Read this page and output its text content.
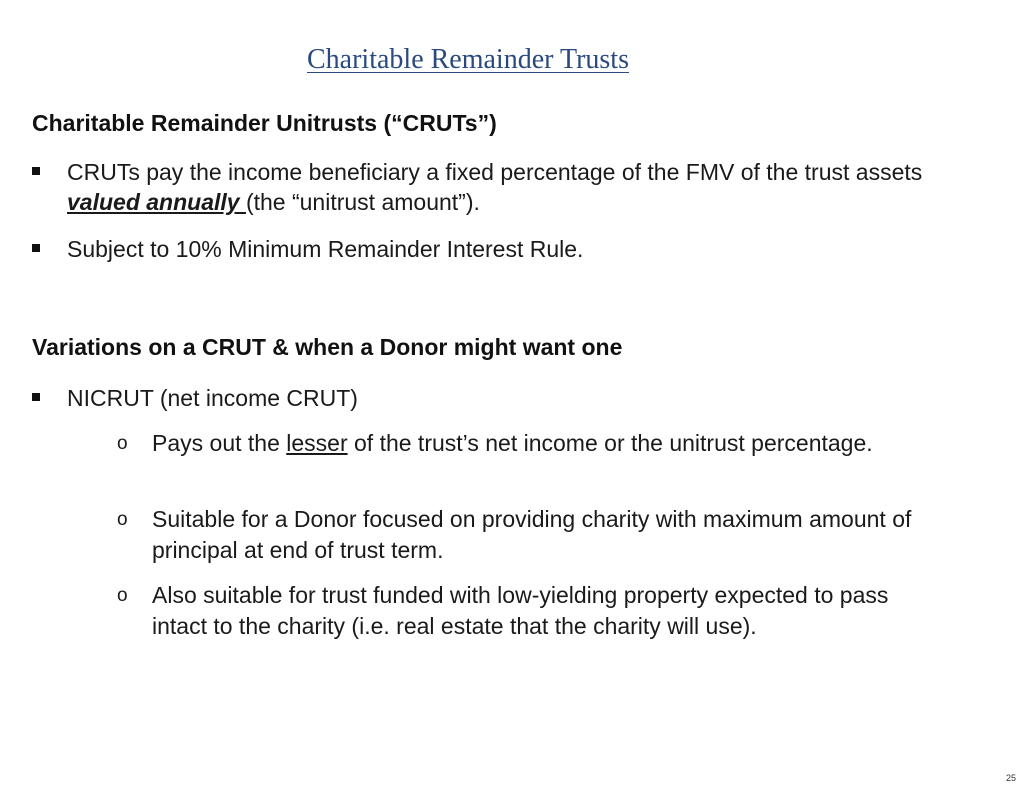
Charitable Remainder Trusts
Charitable Remainder Unitrusts (“CRUTs”)
CRUTs pay the income beneficiary a fixed percentage of the FMV of the trust assets valued annually (the “unitrust amount”).
Subject to 10% Minimum Remainder Interest Rule.
Variations on a CRUT & when a Donor might want one
NICRUT (net income CRUT)
o Pays out the lesser of the trust’s net income or the unitrust percentage.
o Suitable for a Donor focused on providing charity with maximum amount of principal at end of trust term.
o Also suitable for trust funded with low-yielding property expected to pass intact to the charity (i.e. real estate that the charity will use).
25
